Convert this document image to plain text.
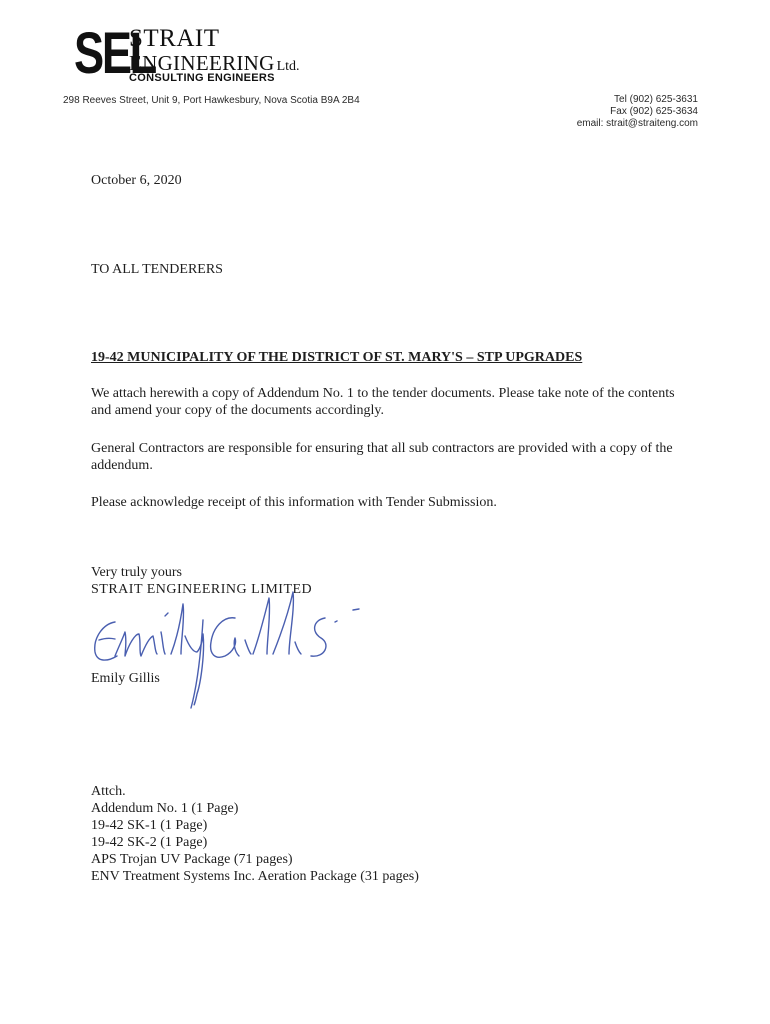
SEL
STRAIT
ENGINEERING Ltd.
CONSULTING ENGINEERS
298 Reeves Street, Unit 9, Port Hawkesbury, Nova Scotia B9A 2B4	Tel (902) 625-3631
Fax (902) 625-3634
email: strait@straiteng.com
October 6, 2020
TO ALL TENDERERS
19-42 MUNICIPALITY OF THE DISTRICT OF ST. MARY'S – STP UPGRADES
We attach herewith a copy of Addendum No. 1 to the tender documents. Please take note of the contents and amend your copy of the documents accordingly.
General Contractors are responsible for ensuring that all sub contractors are provided with a copy of the addendum.
Please acknowledge receipt of this information with Tender Submission.
Very truly yours
STRAIT ENGINEERING LIMITED
Emily Gillis
Attch.
Addendum No. 1 (1 Page)
19-42 SK-1 (1 Page)
19-42 SK-2 (1 Page)
APS Trojan UV Package (71 pages)
ENV Treatment Systems Inc. Aeration Package (31 pages)
